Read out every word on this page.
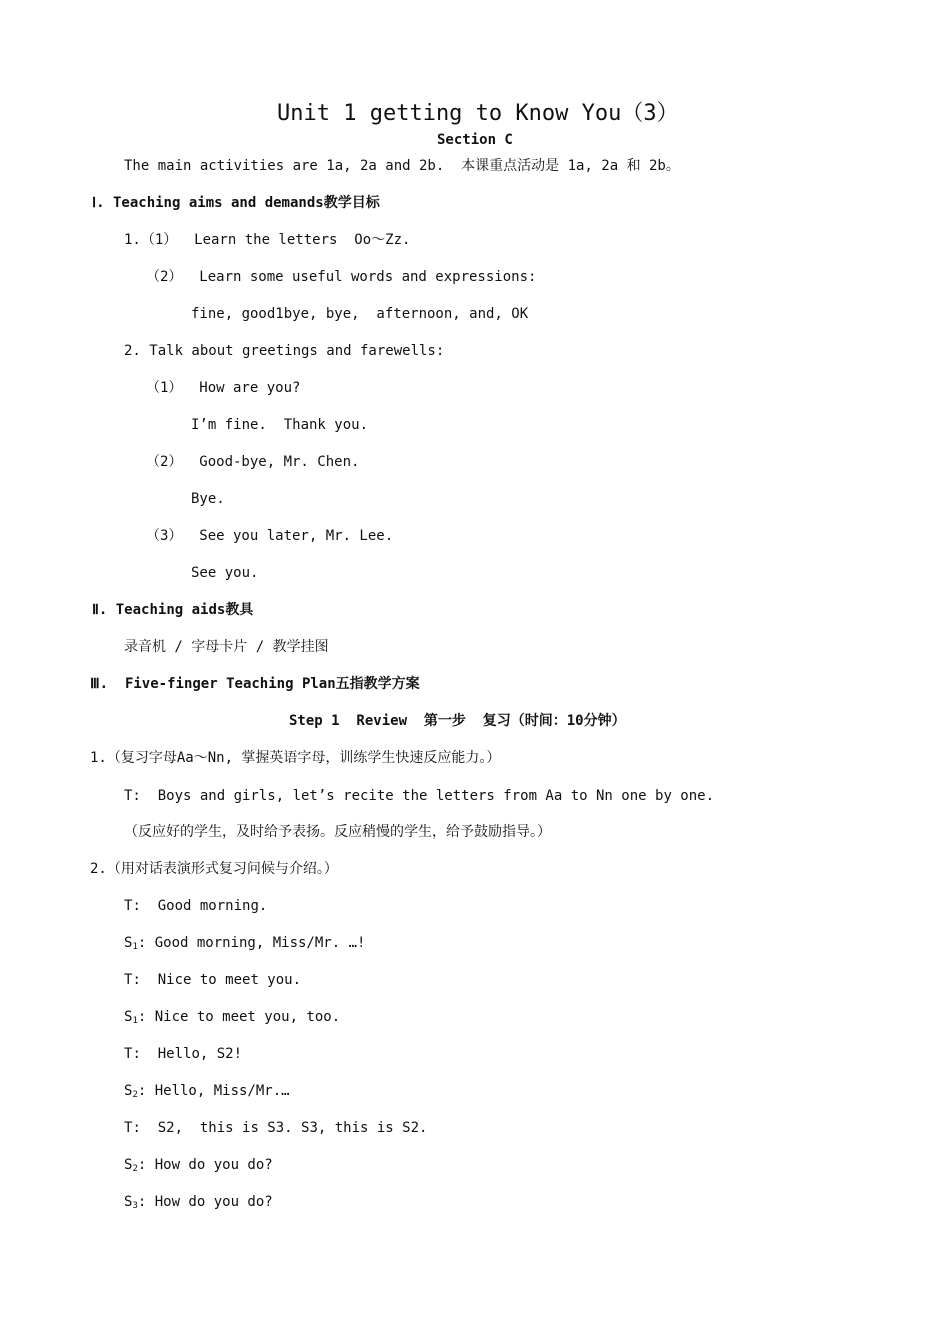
Unit 1 getting to Know You（3）
Section C
The main activities are 1a, 2a and 2b.  本课重点活动是 1a, 2a 和 2b。
Ⅰ. Teaching aims and demands教学目标
1.（1）  Learn the letters  Oo～Zz.
（2）  Learn some useful words and expressions:
fine, good1bye, bye,  afternoon, and, OK
2. Talk about greetings and farewells:
（1）  How are you?
I’m fine.  Thank you.
（2）  Good-bye, Mr. Chen.
Bye.
（3）  See you later, Mr. Lee.
See you.
Ⅱ. Teaching aids教具
录音机 / 字母卡片 / 教学挂图
Ⅲ.  Five-finger Teaching Plan五指教学方案
Step 1  Review  第一步  复习（时间：10分钟）
1.（复习字母Aa～Nn, 掌握英语字母，训练学生快速反应能力。）
T:  Boys and girls, let’s recite the letters from Aa to Nn one by one.
（反应好的学生，及时给予表扬。反应稍慢的学生，给予鼓励指导。）
2.（用对话表演形式复习问候与介绍。）
T:  Good morning.
$S_1$: Good morning, Miss/Mr. …!
T:  Nice to meet you.
$S_1$: Nice to meet you, too.
T:  Hello, S2!
$S_2$: Hello, Miss/Mr.…
T:  S2,  this is S3. S3, this is S2.
$S_2$: How do you do?
$S_3$: How do you do?
